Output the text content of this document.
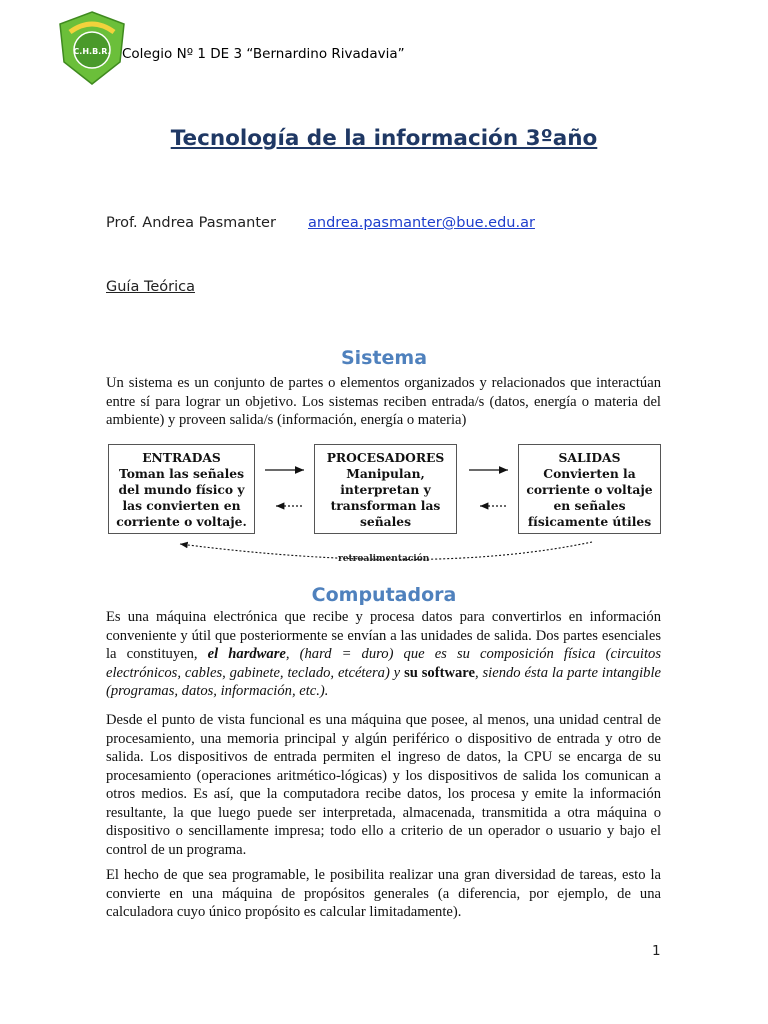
C.H.B.R. Colegio Nº 1 DE 3 “Bernardino Rivadavia”
Tecnología de la información 3ºaño
Prof. Andrea Pasmanter andrea.pasmanter@bue.edu.ar
Guía Teórica
Sistema

Un sistema es un conjunto de partes o elementos organizados y relacionados que interactúan entre sí para lograr un objetivo. Los sistemas reciben entrada/s (datos, energía o materia del ambiente) y proveen salida/s (información, energía o materia)

ENTRADAS
Toman las señales
del mundo físico y
las convierten en
corriente o voltaje.
PROCESADORES
Manipulan,
interpretan y
transforman las
señales
SALIDAS
Convierten la
corriente o voltaje
en señales
físicamente útiles
retroalimentación
Computadora

Es una máquina electrónica que recibe y procesa datos para convertirlos en información conveniente y útil que posteriormente se envían a las unidades de salida. Dos partes esenciales la constituyen, el hardware, (hard = duro) que es su composición física (circuitos electrónicos, cables, gabinete, teclado, etcétera) y su software, siendo ésta la parte intangible (programas, datos, información, etc.).

Desde el punto de vista funcional es una máquina que posee, al menos, una unidad central de procesamiento, una memoria principal y algún periférico o dispositivo de entrada y otro de salida. Los dispositivos de entrada permiten el ingreso de datos, la CPU se encarga de su procesamiento (operaciones aritmético-lógicas) y los dispositivos de salida los comunican a otros medios. Es así, que la computadora recibe datos, los procesa y emite la información resultante, la que luego puede ser interpretada, almacenada, transmitida a otra máquina o dispositivo o sencillamente impresa; todo ello a criterio de un operador o usuario y bajo el control de un programa.

El hecho de que sea programable, le posibilita realizar una gran diversidad de tareas, esto la convierte en una máquina de propósitos generales (a diferencia, por ejemplo, de una calculadora cuyo único propósito es calcular limitadamente).

1
